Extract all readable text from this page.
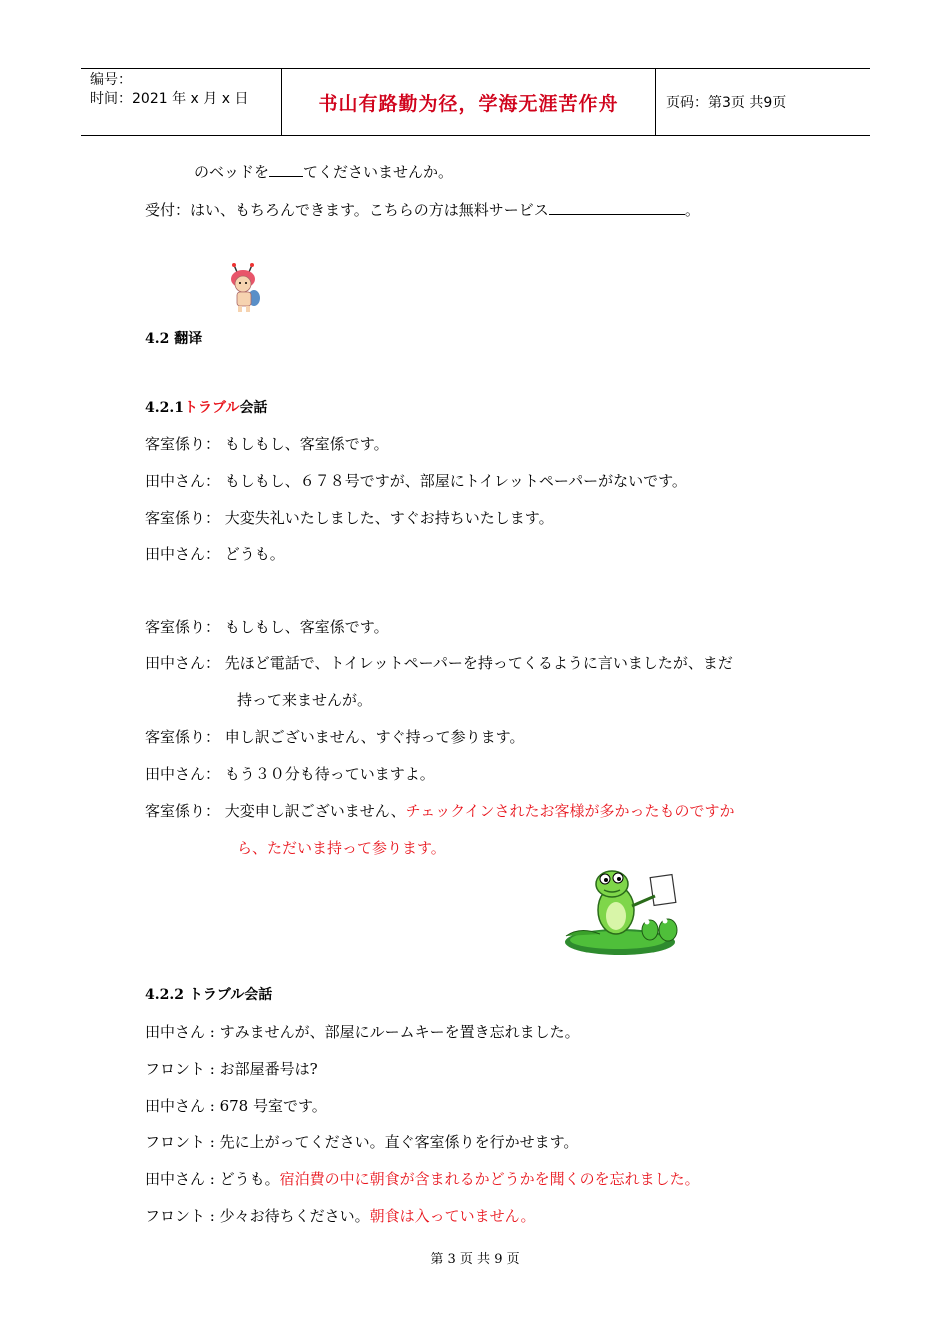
编号：
时间：2021 年 x 月 x 日	书山有路勤为径，学海无涯苦作舟	页码：第3页 共9页
のベッドを てくださいませんか。
受付：はい、もちろんできます。こちらの方は無料サービス	。
4.2 翻译
4.2.1トラブル会話
客室係り： もしもし、客室係です。
田中さん： もしもし、６７８号ですが、部屋にトイレットペーパーがないです。
客室係り： 大変失礼いたしました、すぐお持ちいたします。
田中さん： どうも。
客室係り： もしもし、客室係です。
田中さん： 先ほど電話で、トイレットペーパーを持ってくるように言いましたが、まだ
持って来ませんが。
客室係り： 申し訳ございません、すぐ持って参ります。
田中さん： もう３０分も待っていますよ。
客室係り： 大変申し訳ございません、チェックインされたお客様が多かったものですか
ら、ただいま持って参ります。
4.2.2 トラブル会話
田中さん : すみませんが、部屋にルームキーを置き忘れました。
フロント : お部屋番号は?
田中さん : 678 号室です。
フロント : 先に上がってください。直ぐ客室係りを行かせます。
田中さん : どうも。宿泊費の中に朝食が含まれるかどうかを聞くのを忘れました。
フロント : 少々お待ちください。朝食は入っていません。
第 3 页 共 9 页
